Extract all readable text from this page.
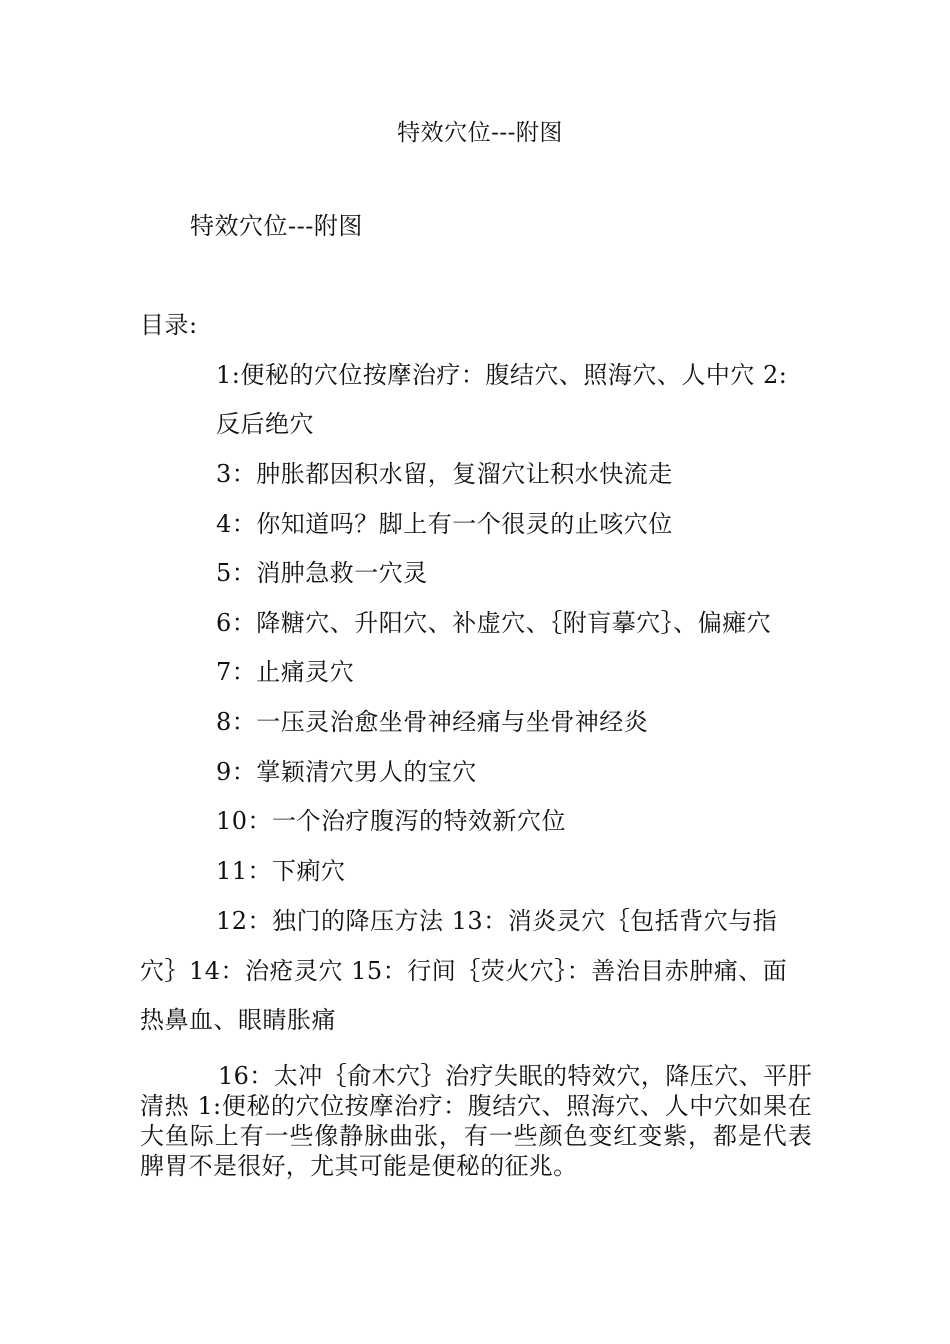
特效穴位---附图

特效穴位---附图

目录:

1:便秘的穴位按摩治疗：腹结穴、照海穴、人中穴 2:

反后绝穴

3：肿胀都因积水留，复溜穴让积水快流走

4：你知道吗？脚上有一个很灵的止咳穴位

5：消肿急救一穴灵

6：降糖穴、升阳穴、补虚穴、｛附肓摹穴｝、偏瘫穴

7：止痛灵穴

8：一压灵治愈坐骨神经痛与坐骨神经炎

9：掌颖清穴男人的宝穴

10：一个治疗腹泻的特效新穴位

11：下痢穴

12：独门的降压方法 13：消炎灵穴｛包括背穴与指

穴｝14：治疮灵穴 15：行间｛荧火穴｝：善治目赤肿痛、面

热鼻血、眼睛胀痛

16：太冲｛俞木穴｝治疗失眠的特效穴，降压穴、平肝清热 1:便秘的穴位按摩治疗：腹结穴、照海穴、人中穴如果在大鱼际上有一些像静脉曲张，有一些颜色变红变紫，都是代表脾胃不是很好，尤其可能是便秘的征兆。
